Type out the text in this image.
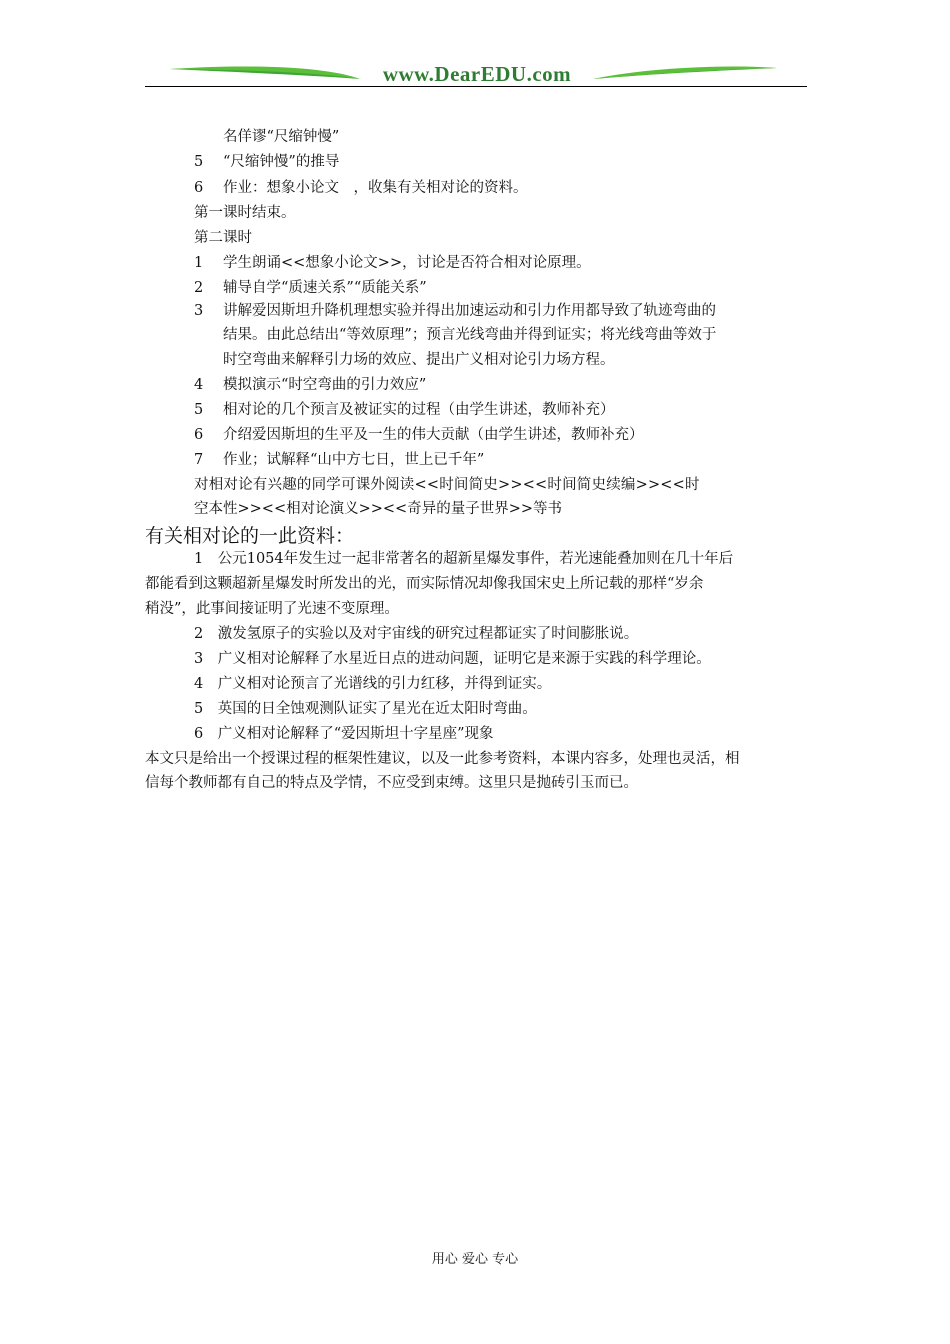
www.DearEDU.com
名佯谬“尺缩钟慢”
5 “尺缩钟慢”的推导
6 作业：想象小论文　，收集有关相对论的资料。
第一课时结束。
第二课时
1 学生朗诵<<想象小论文>>，讨论是否符合相对论原理。
2 辅导自学“质速关系”“质能关系”
3 讲解爱因斯坦升降机理想实验并得出加速运动和引力作用都导致了轨迹弯曲的
结果。由此总结出“等效原理”；预言光线弯曲并得到证实；将光线弯曲等效于
时空弯曲来解释引力场的效应、提出广义相对论引力场方程。
4 模拟演示“时空弯曲的引力效应”
5 相对论的几个预言及被证实的过程（由学生讲述，教师补充）
6 介绍爱因斯坦的生平及一生的伟大贡献（由学生讲述，教师补充）
7 作业；试解释“山中方七日，世上已千年”
对相对论有兴趣的同学可课外阅读<<时间简史>><<时间简史续编>><<时
空本性>><<相对论演义>><<奇异的量子世界>>等书
有关相对论的一此资料：
1　公元1054年发生过一起非常著名的超新星爆发事件，若光速能叠加则在几十年后
都能看到这颗超新星爆发时所发出的光，而实际情况却像我国宋史上所记载的那样“岁余
稍没”，此事间接证明了光速不变原理。
2　激发氢原子的实验以及对宇宙线的研究过程都证实了时间膨胀说。
3　广义相对论解释了水星近日点的进动问题，证明它是来源于实践的科学理论。
4　广义相对论预言了光谱线的引力红移，并得到证实。
5　英国的日全蚀观测队证实了星光在近太阳时弯曲。
6　广义相对论解释了“爱因斯坦十字星座”现象
本文只是给出一个授课过程的框架性建议，以及一此参考资料，本课内容多，处理也灵活，相
信每个教师都有自己的特点及学情，不应受到束缚。这里只是抛砖引玉而已。
用心 爱心 专心
